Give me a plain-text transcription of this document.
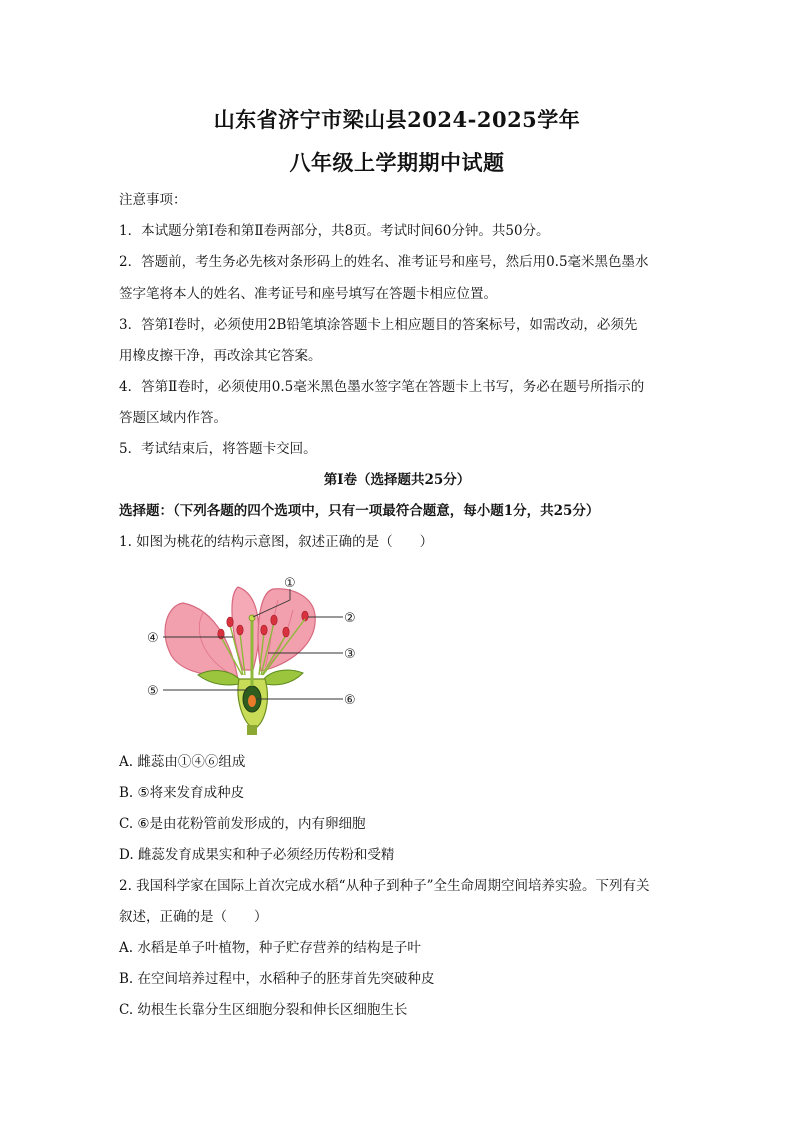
山东省济宁市梁山县2024-2025学年
八年级上学期期中试题
注意事项：
1．本试题分第Ⅰ卷和第Ⅱ卷两部分，共8页。考试时间60分钟。共50分。
2．答题前，考生务必先核对条形码上的姓名、准考证号和座号，然后用0.5毫米黑色墨水
签字笔将本人的姓名、准考证号和座号填写在答题卡相应位置。
3．答第Ⅰ卷时，必须使用2B铅笔填涂答题卡上相应题目的答案标号，如需改动，必须先
用橡皮擦干净，再改涂其它答案。
4．答第Ⅱ卷时，必须使用0.5毫米黑色墨水签字笔在答题卡上书写，务必在题号所指示的
答题区域内作答。
5．考试结束后，将答题卡交回。
第Ⅰ卷（选择题共25分）
选择题：（下列各题的四个选项中，只有一项最符合题意，每小题1分，共25分）
1. 如图为桃花的结构示意图，叙述正确的是（　　）
①
②
③
④
⑤
⑥
A. 雌蕊由①④⑥组成
B. ⑤将来发育成种皮
C. ⑥是由花粉管前发形成的，内有卵细胞
D. 雌蕊发育成果实和种子必须经历传粉和受精
2. 我国科学家在国际上首次完成水稻“从种子到种子”全生命周期空间培养实验。下列有关
叙述，正确的是（　　）
A. 水稻是单子叶植物，种子贮存营养的结构是子叶
B. 在空间培养过程中，水稻种子的胚芽首先突破种皮
C. 幼根生长靠分生区细胞分裂和伸长区细胞生长
